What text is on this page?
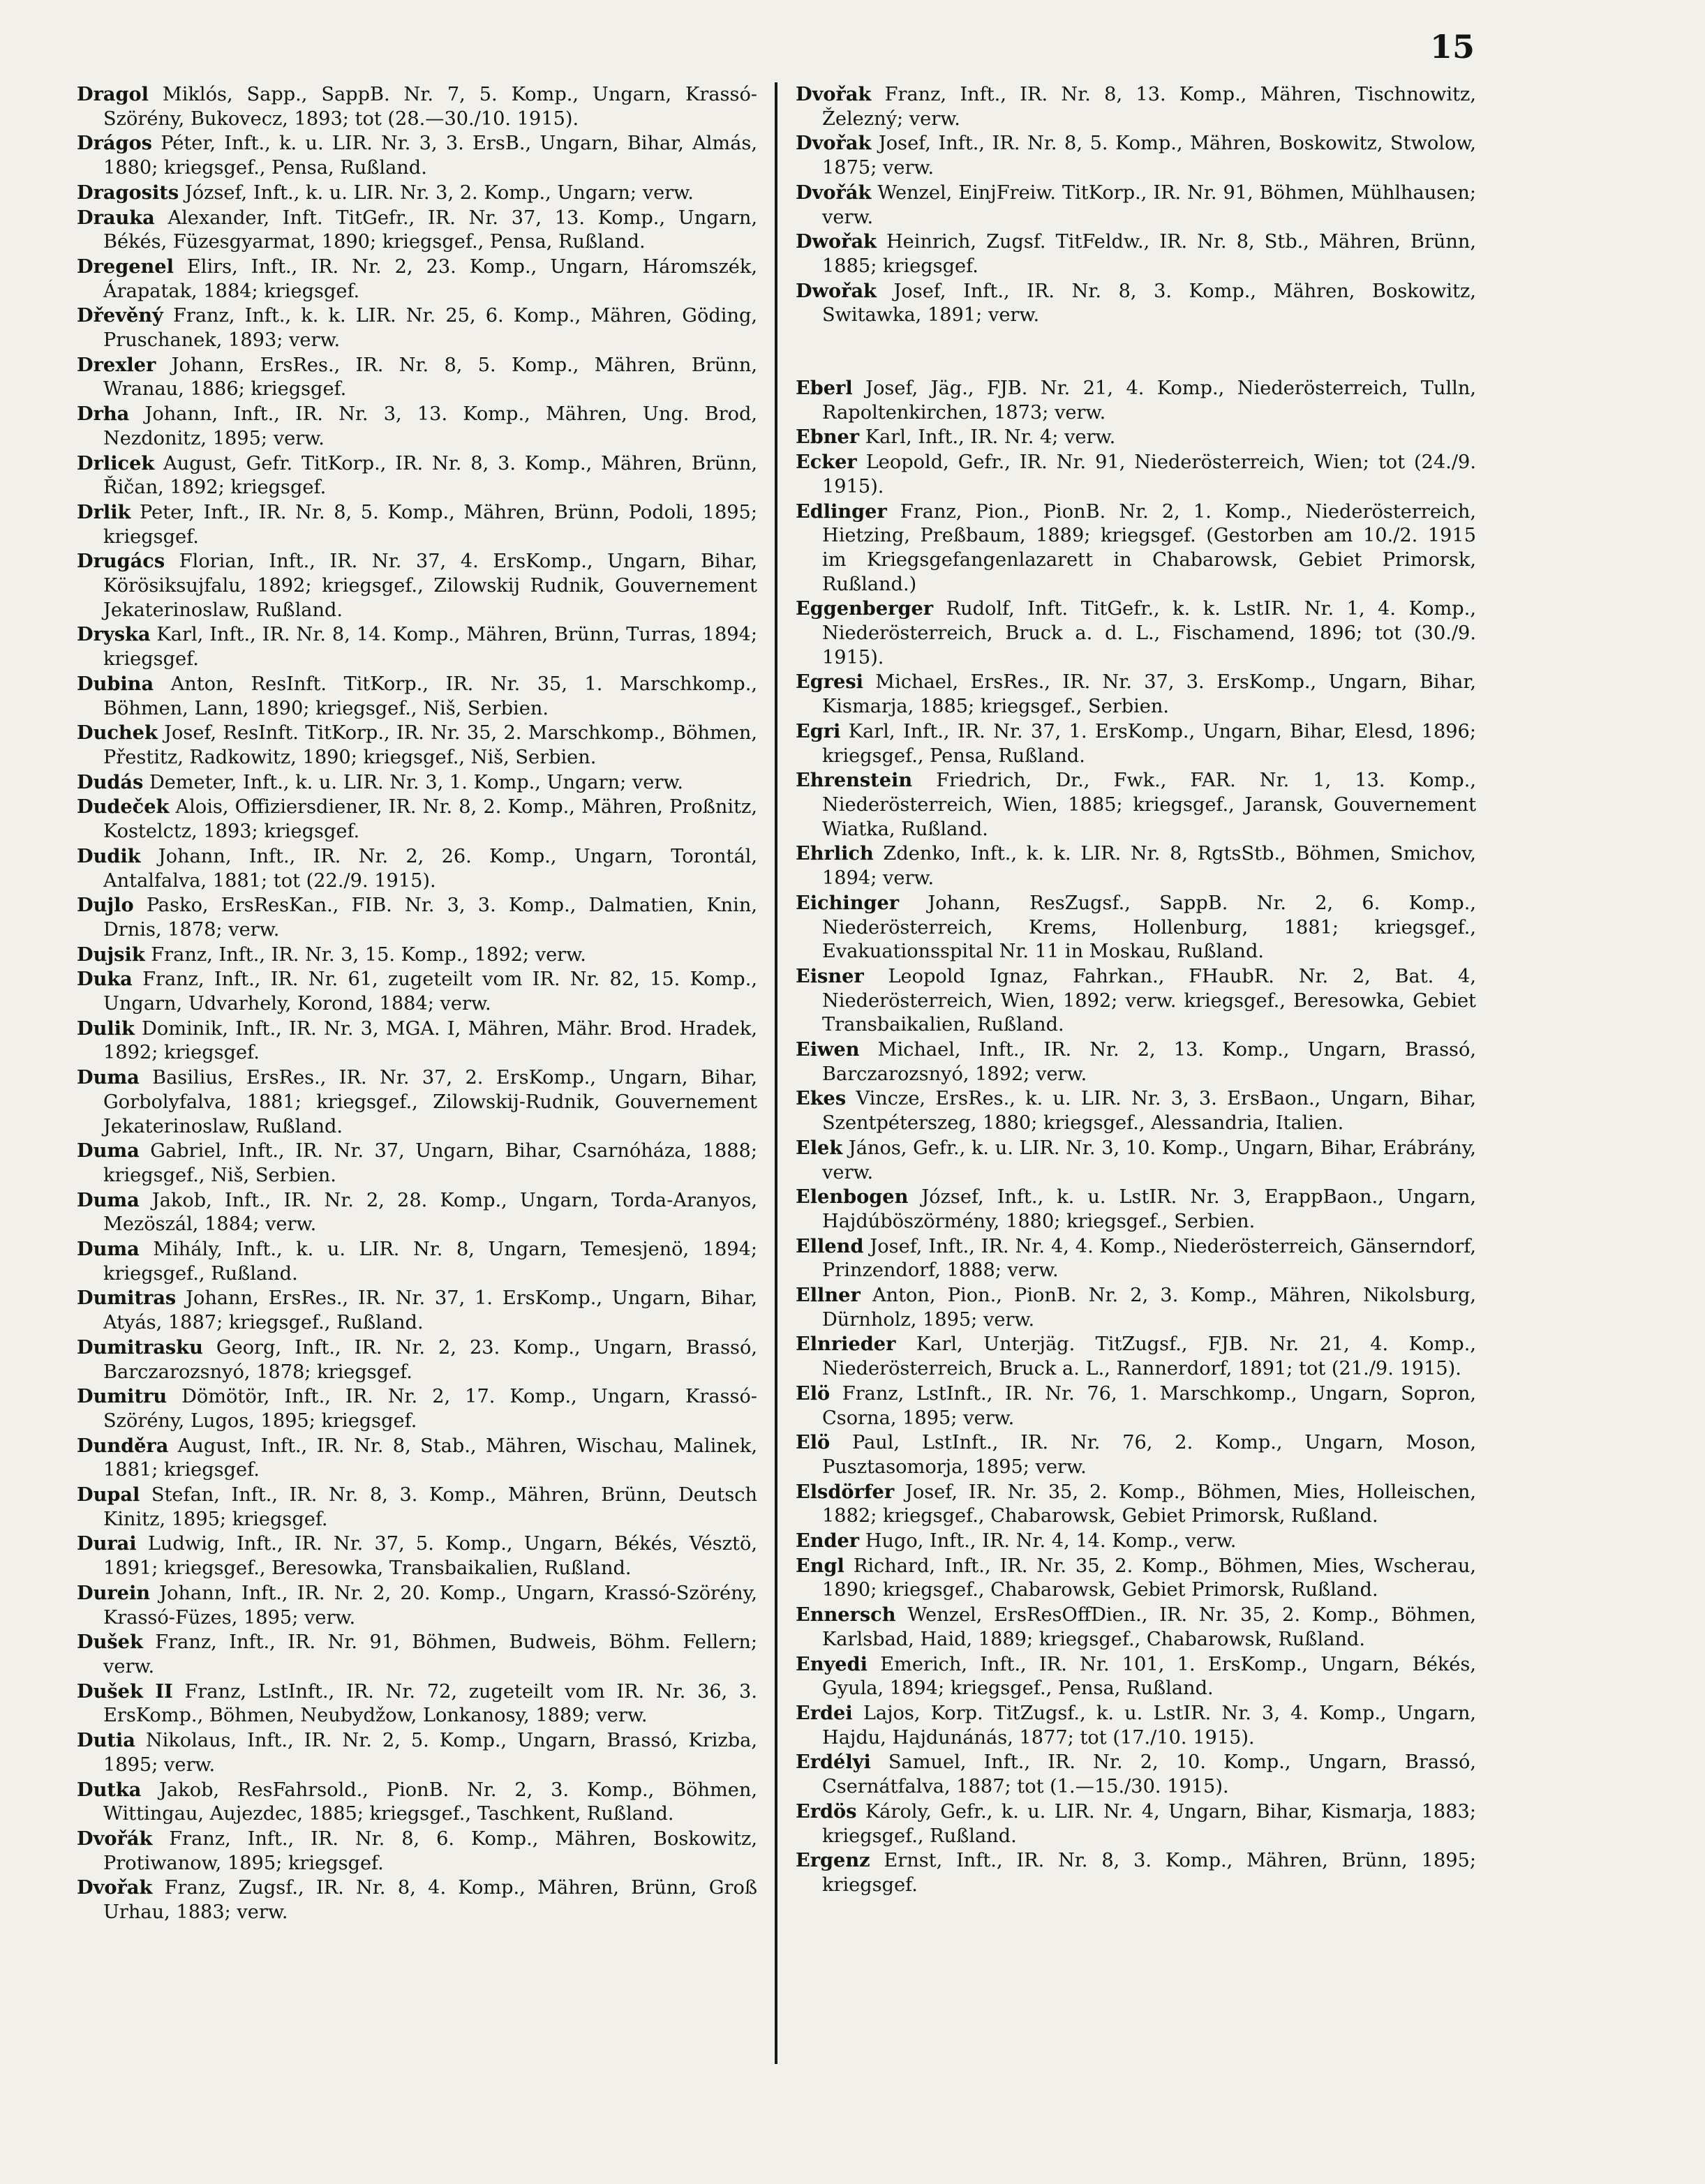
15
Dragol Miklós, Sapp., SappB. Nr. 7, 5. Komp., Ungarn, Krassó-Szörény, Bukovecz, 1893; tot (28.—30./10. 1915).
Drágos Péter, Inft., k. u. LIR. Nr. 3, 3. ErsB., Ungarn, Bihar, Almás, 1880; kriegsgef., Pensa, Rußland.
Dragosits József, Inft., k. u. LIR. Nr. 3, 2. Komp., Ungarn; verw.
Drauka Alexander, Inft. TitGefr., IR. Nr. 37, 13. Komp., Ungarn, Békés, Füzesgyarmat, 1890; kriegsgef., Pensa, Rußland.
Dregenel Elirs, Inft., IR. Nr. 2, 23. Komp., Ungarn, Háromszék, Árapatak, 1884; kriegsgef.
Dřevěný Franz, Inft., k. k. LIR. Nr. 25, 6. Komp., Mähren, Göding, Pruschanek, 1893; verw.
Drexler Johann, ErsRes., IR. Nr. 8, 5. Komp., Mähren, Brünn, Wranau, 1886; kriegsgef.
Drha Johann, Inft., IR. Nr. 3, 13. Komp., Mähren, Ung. Brod, Nezdonitz, 1895; verw.
Drlicek August, Gefr. TitKorp., IR. Nr. 8, 3. Komp., Mähren, Brünn, Řičan, 1892; kriegsgef.
Drlik Peter, Inft., IR. Nr. 8, 5. Komp., Mähren, Brünn, Podoli, 1895; kriegsgef.
Drugács Florian, Inft., IR. Nr. 37, 4. ErsKomp., Ungarn, Bihar, Körösiksujfalu, 1892; kriegsgef., Zilowskij Rudnik, Gouvernement Jekaterinoslaw, Rußland.
Dryska Karl, Inft., IR. Nr. 8, 14. Komp., Mähren, Brünn, Turras, 1894; kriegsgef.
Dubina Anton, ResInft. TitKorp., IR. Nr. 35, 1. Marschkomp., Böhmen, Lann, 1890; kriegsgef., Niš, Serbien.
Duchek Josef, ResInft. TitKorp., IR. Nr. 35, 2. Marschkomp., Böhmen, Přestitz, Radkowitz, 1890; kriegsgef., Niš, Serbien.
Dudás Demeter, Inft., k. u. LIR. Nr. 3, 1. Komp., Ungarn; verw.
Dudeček Alois, Offiziersdiener, IR. Nr. 8, 2. Komp., Mähren, Proßnitz, Kostelctz, 1893; kriegsgef.
Dudik Johann, Inft., IR. Nr. 2, 26. Komp., Ungarn, Torontál, Antalfalva, 1881; tot (22./9. 1915).
Dujlo Pasko, ErsResKan., FIB. Nr. 3, 3. Komp., Dalmatien, Knin, Drnis, 1878; verw.
Dujsik Franz, Inft., IR. Nr. 3, 15. Komp., 1892; verw.
Duka Franz, Inft., IR. Nr. 61, zugeteilt vom IR. Nr. 82, 15. Komp., Ungarn, Udvarhely, Korond, 1884; verw.
Dulik Dominik, Inft., IR. Nr. 3, MGA. I, Mähren, Mähr. Brod. Hradek, 1892; kriegsgef.
Duma Basilius, ErsRes., IR. Nr. 37, 2. ErsKomp., Ungarn, Bihar, Gorbolyfalva, 1881; kriegsgef., Zilowskij-Rudnik, Gouvernement Jekaterinoslaw, Rußland.
Duma Gabriel, Inft., IR. Nr. 37, Ungarn, Bihar, Csarnóháza, 1888; kriegsgef., Niš, Serbien.
Duma Jakob, Inft., IR. Nr. 2, 28. Komp., Ungarn, Torda-Aranyos, Mezöszál, 1884; verw.
Duma Mihály, Inft., k. u. LIR. Nr. 8, Ungarn, Temesjenö, 1894; kriegsgef., Rußland.
Dumitras Johann, ErsRes., IR. Nr. 37, 1. ErsKomp., Ungarn, Bihar, Atyás, 1887; kriegsgef., Rußland.
Dumitrasku Georg, Inft., IR. Nr. 2, 23. Komp., Ungarn, Brassó, Barczarozsnyó, 1878; kriegsgef.
Dumitru Dömötör, Inft., IR. Nr. 2, 17. Komp., Ungarn, Krassó-Szörény, Lugos, 1895; kriegsgef.
Dunděra August, Inft., IR. Nr. 8, Stab., Mähren, Wischau, Malinek, 1881; kriegsgef.
Dupal Stefan, Inft., IR. Nr. 8, 3. Komp., Mähren, Brünn, Deutsch Kinitz, 1895; kriegsgef.
Durai Ludwig, Inft., IR. Nr. 37, 5. Komp., Ungarn, Békés, Vésztö, 1891; kriegsgef., Beresowka, Transbaikalien, Rußland.
Durein Johann, Inft., IR. Nr. 2, 20. Komp., Ungarn, Krassó-Szörény, Krassó-Füzes, 1895; verw.
Dušek Franz, Inft., IR. Nr. 91, Böhmen, Budweis, Böhm. Fellern; verw.
Dušek II Franz, LstInft., IR. Nr. 72, zugeteilt vom IR. Nr. 36, 3. ErsKomp., Böhmen, Neubydžow, Lonkanosy, 1889; verw.
Dutia Nikolaus, Inft., IR. Nr. 2, 5. Komp., Ungarn, Brassó, Krizba, 1895; verw.
Dutka Jakob, ResFahrsold., PionB. Nr. 2, 3. Komp., Böhmen, Wittingau, Aujezdec, 1885; kriegsgef., Taschkent, Rußland.
Dvořák Franz, Inft., IR. Nr. 8, 6. Komp., Mähren, Boskowitz, Protiwanow, 1895; kriegsgef.
Dvořak Franz, Zugsf., IR. Nr. 8, 4. Komp., Mähren, Brünn, Groß Urhau, 1883; verw.
Dvořak Franz, Inft., IR. Nr. 8, 13. Komp., Mähren, Tischnowitz, Železný; verw.
Dvořak Josef, Inft., IR. Nr. 8, 5. Komp., Mähren, Boskowitz, Stwolow, 1875; verw.
Dvořák Wenzel, EinjFreiw. TitKorp., IR. Nr. 91, Böhmen, Mühlhausen; verw.
Dwořak Heinrich, Zugsf. TitFeldw., IR. Nr. 8, Stb., Mähren, Brünn, 1885; kriegsgef.
Dwořak Josef, Inft., IR. Nr. 8, 3. Komp., Mähren, Boskowitz, Switawka, 1891; verw.
Eberl Josef, Jäg., FJB. Nr. 21, 4. Komp., Niederösterreich, Tulln, Rapoltenkirchen, 1873; verw.
Ebner Karl, Inft., IR. Nr. 4; verw.
Ecker Leopold, Gefr., IR. Nr. 91, Niederösterreich, Wien; tot (24./9. 1915).
Edlinger Franz, Pion., PionB. Nr. 2, 1. Komp., Niederösterreich, Hietzing, Preßbaum, 1889; kriegsgef. (Gestorben am 10./2. 1915 im Kriegsgefangenlazarett in Chabarowsk, Gebiet Primorsk, Rußland.)
Eggenberger Rudolf, Inft. TitGefr., k. k. LstIR. Nr. 1, 4. Komp., Niederösterreich, Bruck a. d. L., Fischamend, 1896; tot (30./9. 1915).
Egresi Michael, ErsRes., IR. Nr. 37, 3. ErsKomp., Ungarn, Bihar, Kismarja, 1885; kriegsgef., Serbien.
Egri Karl, Inft., IR. Nr. 37, 1. ErsKomp., Ungarn, Bihar, Elesd, 1896; kriegsgef., Pensa, Rußland.
Ehrenstein Friedrich, Dr., Fwk., FAR. Nr. 1, 13. Komp., Niederösterreich, Wien, 1885; kriegsgef., Jaransk, Gouvernement Wiatka, Rußland.
Ehrlich Zdenko, Inft., k. k. LIR. Nr. 8, RgtsStb., Böhmen, Smichov, 1894; verw.
Eichinger Johann, ResZugsf., SappB. Nr. 2, 6. Komp., Niederösterreich, Krems, Hollenburg, 1881; kriegsgef., Evakuationsspital Nr. 11 in Moskau, Rußland.
Eisner Leopold Ignaz, Fahrkan., FHaubR. Nr. 2, Bat. 4, Niederösterreich, Wien, 1892; verw. kriegsgef., Beresowka, Gebiet Transbaikalien, Rußland.
Eiwen Michael, Inft., IR. Nr. 2, 13. Komp., Ungarn, Brassó, Barczarozsnyó, 1892; verw.
Ekes Vincze, ErsRes., k. u. LIR. Nr. 3, 3. ErsBaon., Ungarn, Bihar, Szentpéterszeg, 1880; kriegsgef., Alessandria, Italien.
Elek János, Gefr., k. u. LIR. Nr. 3, 10. Komp., Ungarn, Bihar, Erábrány, verw.
Elenbogen József, Inft., k. u. LstIR. Nr. 3, ErappBaon., Ungarn, Hajdúböszörmény, 1880; kriegsgef., Serbien.
Ellend Josef, Inft., IR. Nr. 4, 4. Komp., Niederösterreich, Gänserndorf, Prinzendorf, 1888; verw.
Ellner Anton, Pion., PionB. Nr. 2, 3. Komp., Mähren, Nikolsburg, Dürnholz, 1895; verw.
Elnrieder Karl, Unterjäg. TitZugsf., FJB. Nr. 21, 4. Komp., Niederösterreich, Bruck a. L., Rannerdorf, 1891; tot (21./9. 1915).
Elö Franz, LstInft., IR. Nr. 76, 1. Marschkomp., Ungarn, Sopron, Csorna, 1895; verw.
Elö Paul, LstInft., IR. Nr. 76, 2. Komp., Ungarn, Moson, Pusztasomorja, 1895; verw.
Elsdörfer Josef, IR. Nr. 35, 2. Komp., Böhmen, Mies, Holleischen, 1882; kriegsgef., Chabarowsk, Gebiet Primorsk, Rußland.
Ender Hugo, Inft., IR. Nr. 4, 14. Komp., verw.
Engl Richard, Inft., IR. Nr. 35, 2. Komp., Böhmen, Mies, Wscherau, 1890; kriegsgef., Chabarowsk, Gebiet Primorsk, Rußland.
Ennersch Wenzel, ErsResOffDien., IR. Nr. 35, 2. Komp., Böhmen, Karlsbad, Haid, 1889; kriegsgef., Chabarowsk, Rußland.
Enyedi Emerich, Inft., IR. Nr. 101, 1. ErsKomp., Ungarn, Békés, Gyula, 1894; kriegsgef., Pensa, Rußland.
Erdei Lajos, Korp. TitZugsf., k. u. LstIR. Nr. 3, 4. Komp., Ungarn, Hajdu, Hajdunánás, 1877; tot (17./10. 1915).
Erdélyi Samuel, Inft., IR. Nr. 2, 10. Komp., Ungarn, Brassó, Csernátfalva, 1887; tot (1.—15./30. 1915).
Erdös Károly, Gefr., k. u. LIR. Nr. 4, Ungarn, Bihar, Kismarja, 1883; kriegsgef., Rußland.
Ergenz Ernst, Inft., IR. Nr. 8, 3. Komp., Mähren, Brünn, 1895; kriegsgef.
